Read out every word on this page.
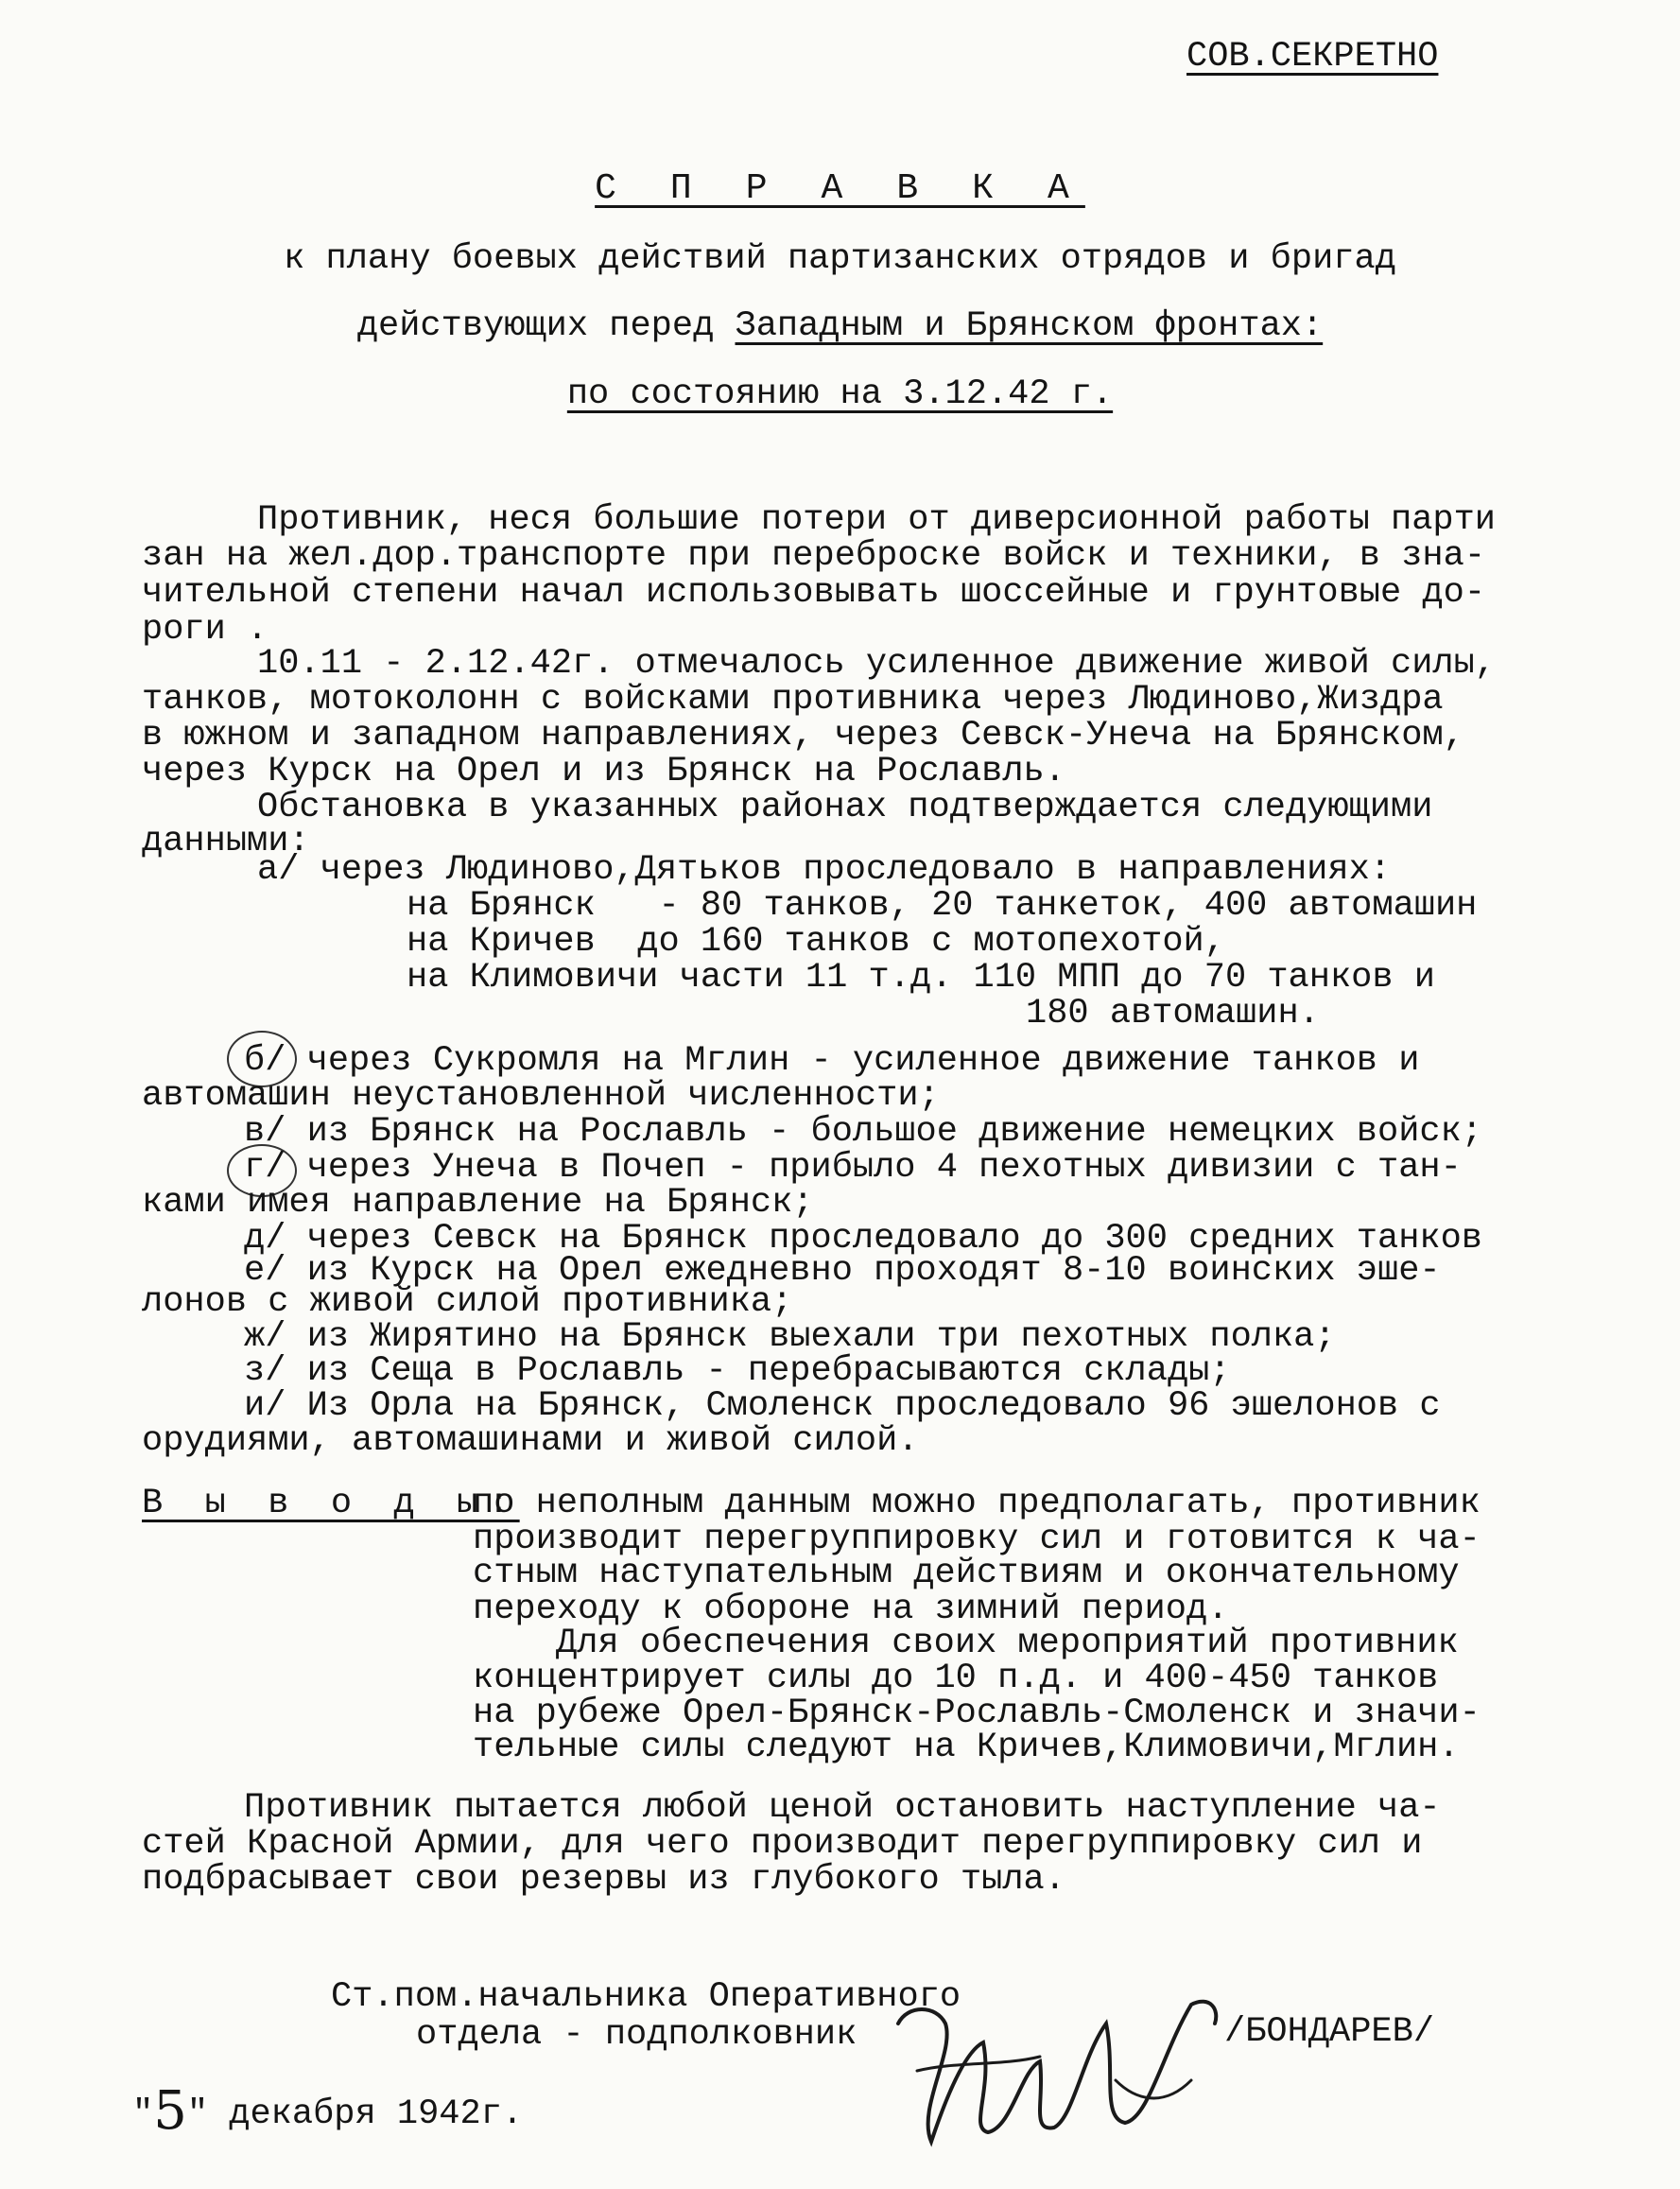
СОВ.СЕКРЕТНО
С П Р А В К А
к плану боевых действий партизанских отрядов и бригад
действующих перед Западным и Брянском фронтах:
по состоянию на 3.12.42 г.
Противник, неся большие потери от диверсионной работы парти
зан на жел.дор.транспорте при переброске войск и техники, в зна-
чительной степени начал использовывать шоссейные и грунтовые до-
роги .
10.11 - 2.12.42г. отмечалось усиленное движение живой силы,
танков, мотоколонн с войсками противника через Людиново,Жиздра
в южном и западном направлениях, через Севск-Унеча на Брянском,
через Курск на Орел и из Брянск на Рославль.
Обстановка в указанных районах подтверждается следующими
данными:
а/ через Людиново,Дятьков проследовало в направлениях:
на Брянск   - 80 танков, 20 танкеток, 400 автомашин
на Кричев  до 160 танков с мотопехотой,
на Климовичи части 11 т.д. 110 МПП до 70 танков и
180 автомашин.
б/ через Сукромля на Мглин - усиленное движение танков и
автомашин неустановленной численности;
в/ из Брянск на Рославль - большое движение немецких войск;
г/ через Унеча в Почеп - прибыло 4 пехотных дивизии с тан-
ками имея направление на Брянск;
д/ через Севск на Брянск проследовало до 300 средних танков
е/ из Курск на Орел ежедневно проходят 8-10 воинских эше-
лонов с живой силой противника;
ж/ из Жирятино на Брянск выехали три пехотных полка;
з/ из Сеща в Рославль - перебрасываются склады;
и/ Из Орла на Брянск, Смоленск проследовало 96 эшелонов с
орудиями, автомашинами и живой силой.
В ы в о д ы:
по неполным данным можно предполагать, противник
производит перегруппировку сил и готовится к ча-
стным наступательным действиям и окончательному
переходу к обороне на зимний период.
Для обеспечения своих мероприятий противник
концентрирует силы до 10 п.д. и 400-450 танков
на рубеже Орел-Брянск-Рославль-Смоленск и значи-
тельные силы следуют на Кричев,Климовичи,Мглин.
Противник пытается любой ценой остановить наступление ча-
стей Красной Армии, для чего производит перегруппировку сил и
подбрасывает свои резервы из глубокого тыла.
Ст.пом.начальника Оперативного
отдела - подполковник	/БОНДАРЕВ/
"5" декабря 1942г.
